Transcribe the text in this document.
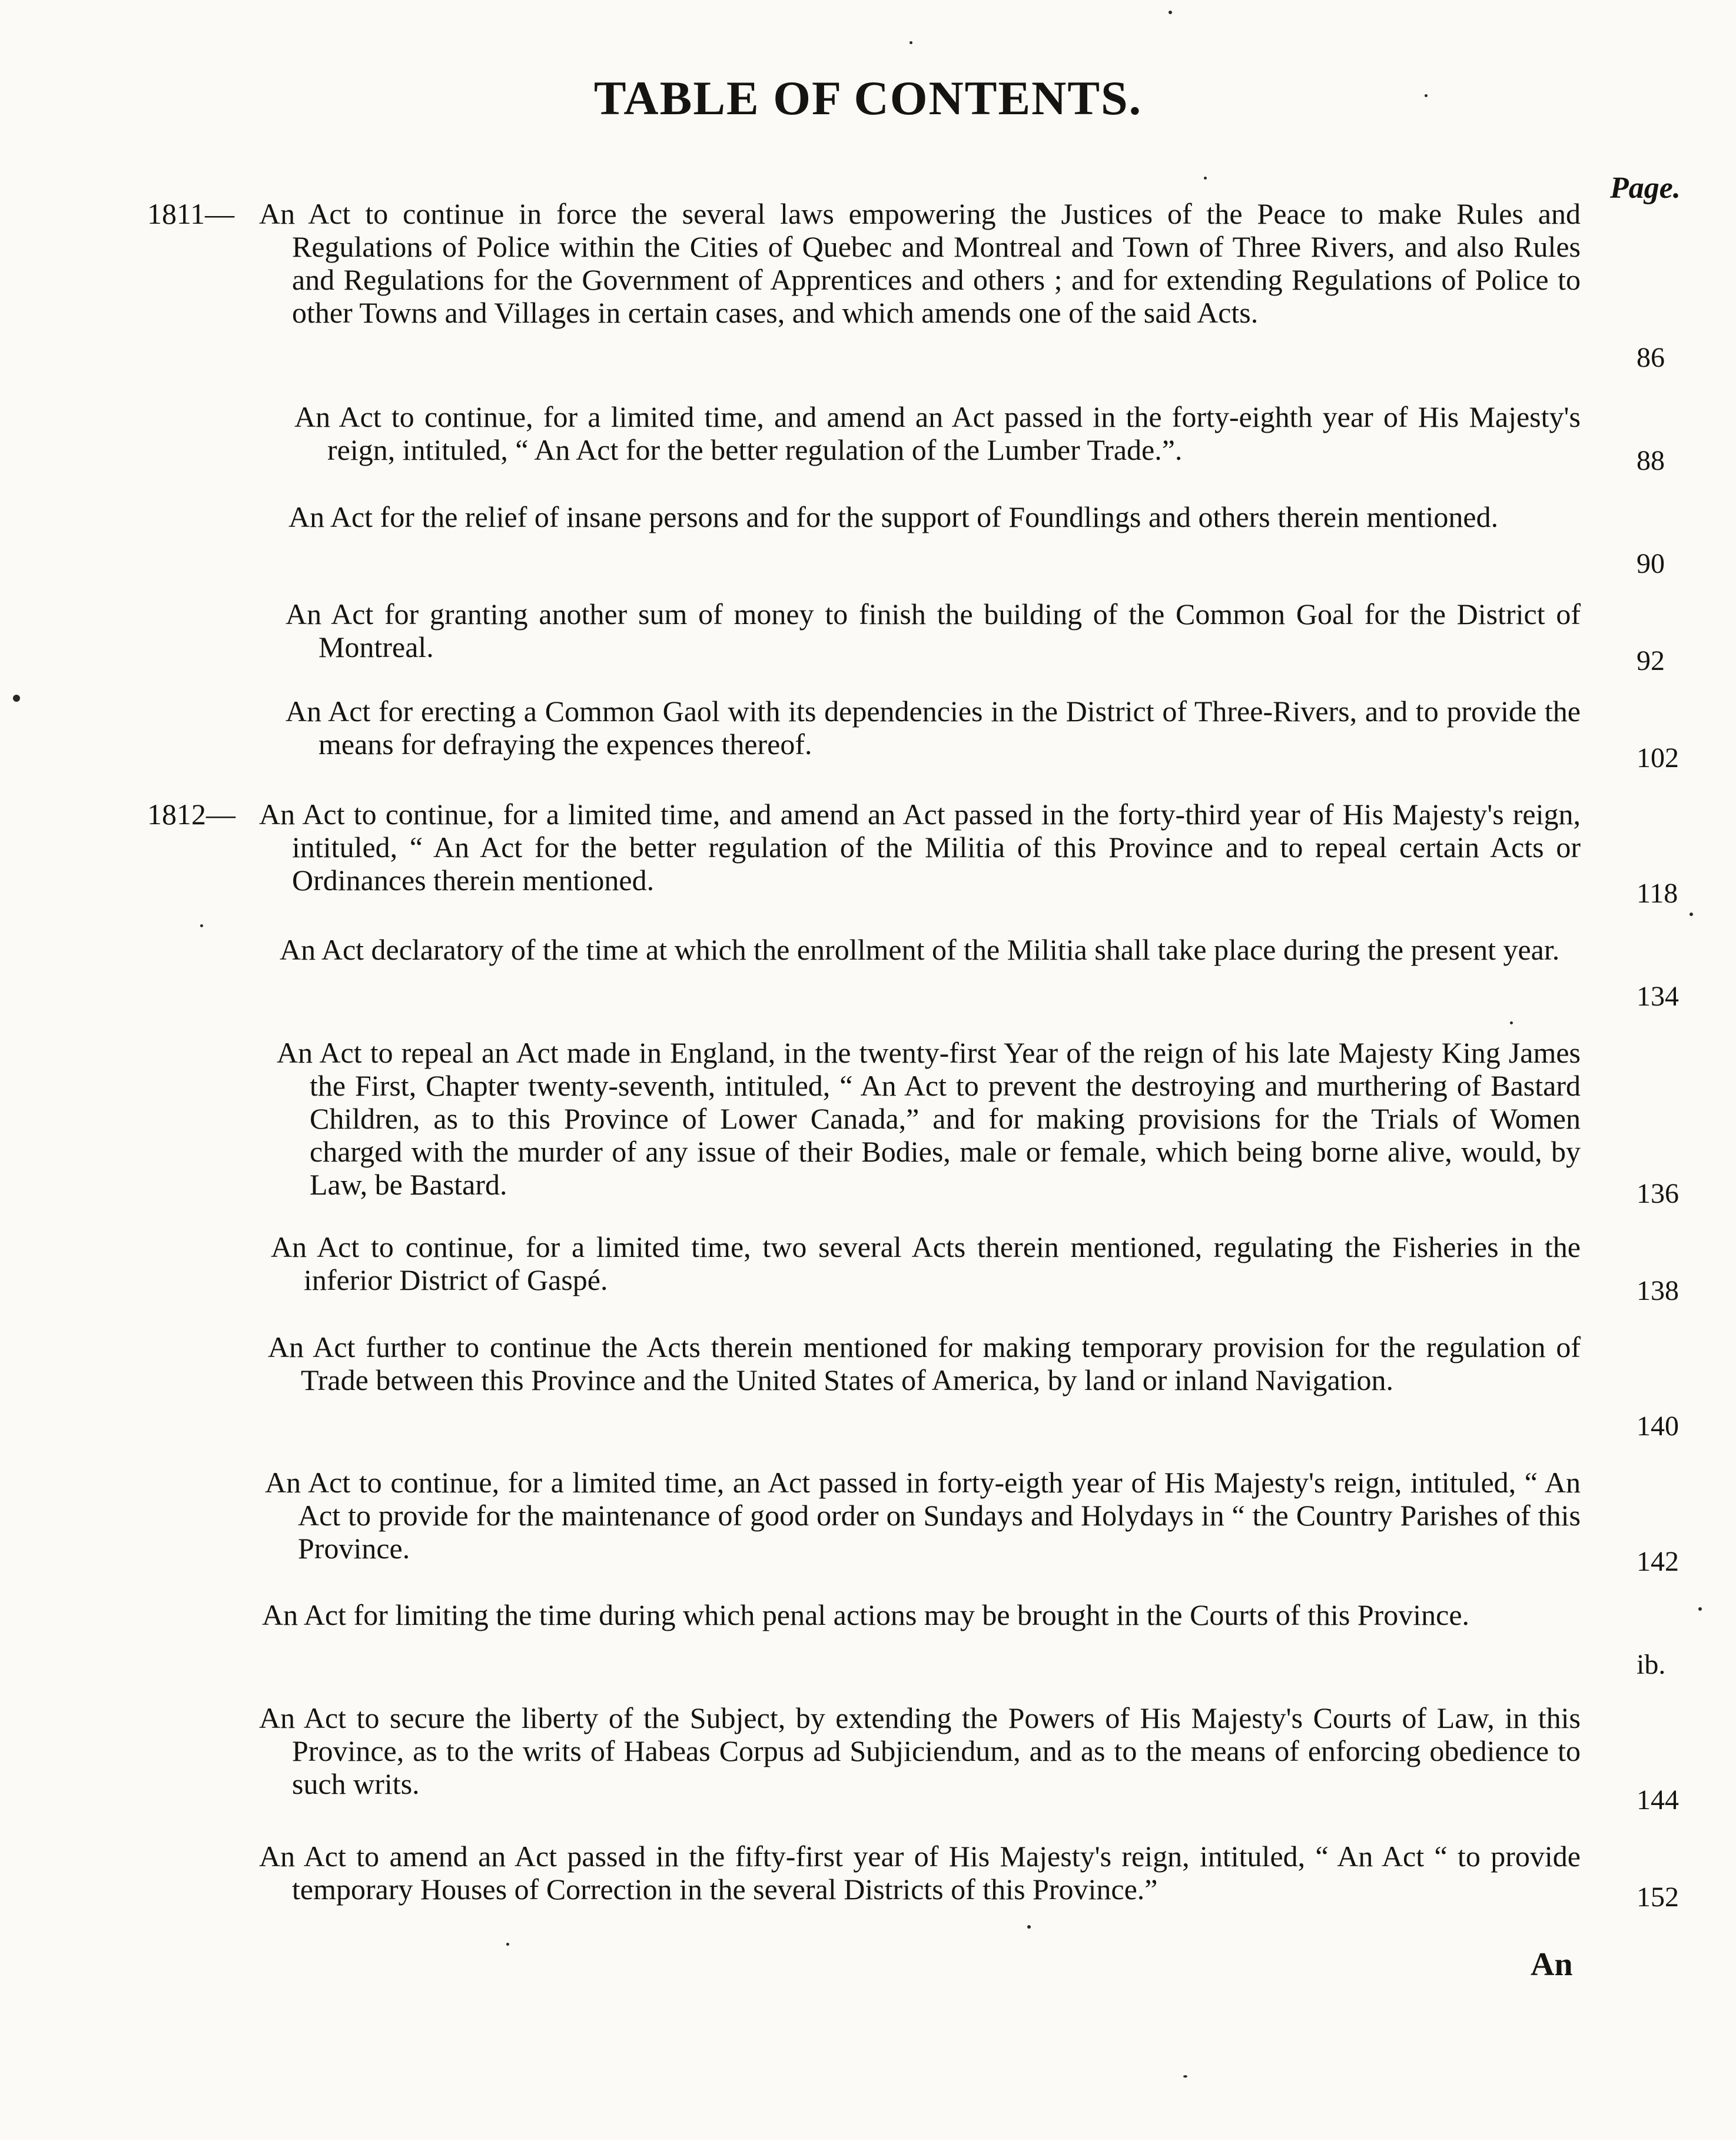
TABLE OF CONTENTS.
Page.
1811— An Act to continue in force the several laws empowering the Justices of the Peace to make Rules and Regulations of Police within the Cities of Quebec and Montreal and Town of Three Rivers, and also Rules and Regulations for the Government of Apprentices and others ; and for extending Regulations of Police to other Towns and Villages in certain cases, and which amends one of the said Acts.
86
An Act to continue, for a limited time, and amend an Act passed in the forty-eighth year of His Majesty's reign, intituled, “ An Act for the better regulation of the Lumber Trade.”.	88
An Act for the relief of insane persons and for the support of Foundlings and others therein mentioned.
90
An Act for granting another sum of money to finish the building of the Common Goal for the District of Montreal.	92
An Act for erecting a Common Gaol with its dependencies in the District of Three-Rivers, and to provide the means for defraying the expences thereof.	102
1812— An Act to continue, for a limited time, and amend an Act passed in the forty-third year of His Majesty's reign, intituled, “ An Act for the better regulation of the Militia of this Province and to repeal certain Acts or Ordinances therein mentioned.	118
An Act declaratory of the time at which the enrollment of the Militia shall take place during the present year.
134
An Act to repeal an Act made in England, in the twenty-first Year of the reign of his late Majesty King James the First, Chapter twenty-seventh, intituled, “ An Act to prevent the destroying and murthering of Bastard Children, as to this Province of Lower Canada,” and for making provisions for the Trials of Women charged with the murder of any issue of their Bodies, male or female, which being borne alive, would, by Law, be Bastard.	136
An Act to continue, for a limited time, two several Acts therein mentioned, regulating the Fisheries in the inferior District of Gaspé.	138
An Act further to continue the Acts therein mentioned for making temporary provision for the regulation of Trade between this Province and the United States of America, by land or inland Navigation.
140
An Act to continue, for a limited time, an Act passed in forty-eigth year of His Majesty's reign, intituled, “ An Act to provide for the maintenance of good order on Sundays and Holydays in “ the Country Parishes of this Province.	142
An Act for limiting the time during which penal actions may be brought in the Courts of this Province.
ib.
An Act to secure the liberty of the Subject, by extending the Powers of His Majesty's Courts of Law, in this Province, as to the writs of Habeas Corpus ad Subjiciendum, and as to the means of enforcing obedience to such writs.	144
An Act to amend an Act passed in the fifty-first year of His Majesty's reign, intituled, “ An Act “ to provide temporary Houses of Correction in the several Districts of this Province.”	152
An
